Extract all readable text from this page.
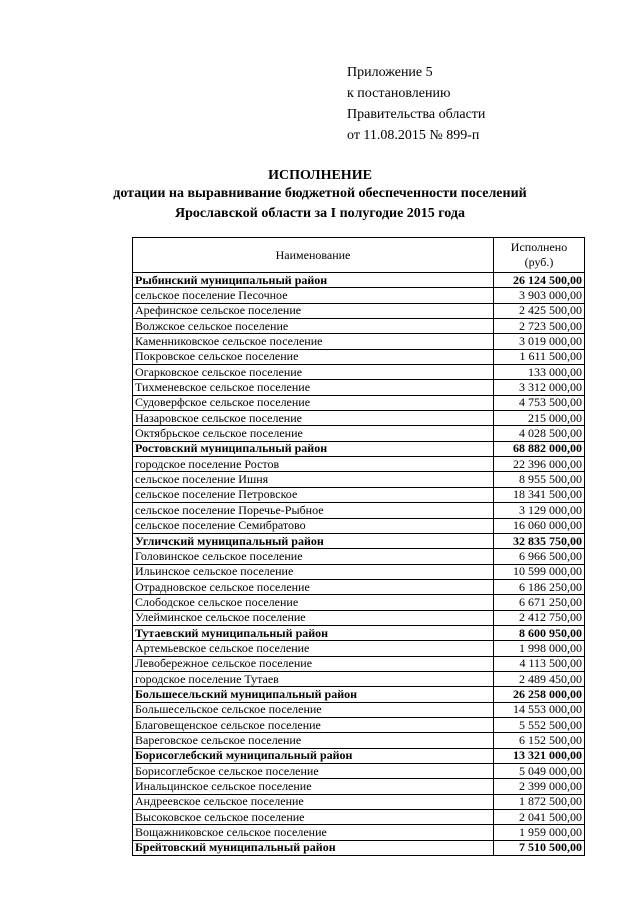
Приложение 5
к постановлению
Правительства области
от 11.08.2015 № 899-п
ИСПОЛНЕНИЕ
дотации на выравнивание бюджетной обеспеченности поселений
Ярославской области за I полугодие 2015 года
Наименование	Исполнено
(руб.)
Рыбинский муниципальный район	26 124 500,00
сельское поселение Песочное	3 903 000,00
Арефинское сельское поселение	2 425 500,00
Волжское сельское поселение	2 723 500,00
Каменниковское сельское поселение	3 019 000,00
Покровское сельское поселение	1 611 500,00
Огарковское сельское поселение	133 000,00
Тихменевское сельское поселение	3 312 000,00
Судоверфское сельское поселение	4 753 500,00
Назаровское сельское поселение	215 000,00
Октябрьское сельское поселение	4 028 500,00
Ростовский муниципальный район	68 882 000,00
городское поселение Ростов	22 396 000,00
сельское поселение Ишня	8 955 500,00
сельское поселение Петровское	18 341 500,00
сельское поселение Поречье-Рыбное	3 129 000,00
сельское поселение Семибратово	16 060 000,00
Угличский муниципальный район	32 835 750,00
Головинское сельское поселение	6 966 500,00
Ильинское сельское поселение	10 599 000,00
Отрадновское сельское поселение	6 186 250,00
Слободское сельское поселение	6 671 250,00
Улейминское сельское поселение	2 412 750,00
Тутаевский муниципальный район	8 600 950,00
Артемьевское сельское поселение	1 998 000,00
Левобережное сельское поселение	4 113 500,00
городское поселение Тутаев	2 489 450,00
Большесельский муниципальный район	26 258 000,00
Большесельское сельское поселение	14 553 000,00
Благовещенское сельское поселение	5 552 500,00
Вареговское сельское поселение	6 152 500,00
Борисоглебский муниципальный район	13 321 000,00
Борисоглебское сельское поселение	5 049 000,00
Инальцинское сельское поселение	2 399 000,00
Андреевское сельское поселение	1 872 500,00
Высоковское сельское поселение	2 041 500,00
Вощажниковское сельское поселение	1 959 000,00
Брейтовский муниципальный район	7 510 500,00
